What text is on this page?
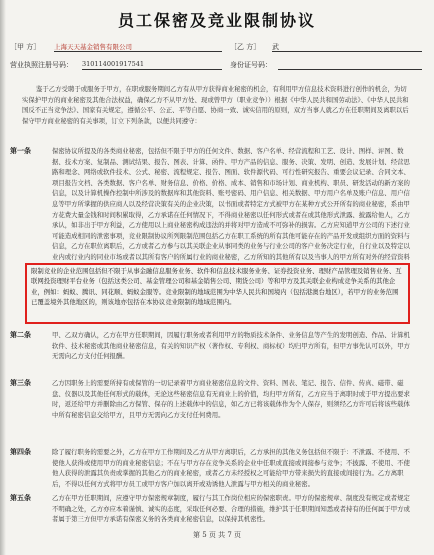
员工保密及竞业限制协议
［甲 方］ 上海天天基金销售有限公司	［乙 方］ 武
营业执照注册号码： 310114001917541	身份证号码：
鉴于乙方受聘于或服务于甲方，在职或服务期间乙方有从甲方获得商业秘密的机会，有利用甲方信息技术资料进行创作的机会，为切实保护甲方的商业秘密及其他合法权益，确保乙方不从甲方处、现或曾甲方（职业竞争））根据《中华人民共和国劳动法》、《中华人民共和国反不正当竞争法》、国家有关规定，遵循公平、公正、平等自愿、协商一致、诚实信用的原则，双方当事人就乙方在任职期间及离职以后保守甲方商业秘密的有关事项，订立下列条款，以便共同遵守：
第一条	保密协议所提及的各类商业秘密，包括但不限于甲方的任何文件、数据、客户名单、经营流程和工艺、设计、图样、评图、数据、技术方案、复制品、测试结果、报告、图表、计算、函件、甲方产品的信息、服务、决策、发明、创造、发展计划、经营思路和理念、网络或软件技术、公式、秘密、流程规定、报告、图面、软件源代码、可行性研究报告、重要会议记录、合同文本、项目报告文档、各类数据、客户名单、财务信息、价格、价格、成本、销售和市场计划、商业机构、职员、研发活动的新方案的信息，以及计算机操作控制中所涉及的数据库和其他资料、账号密码、用户信息、相关数据、甲方用户名单及账户信息、用户信息等甲方所掌握的供应商人以及经营决策有关的企业决策，以书面或者特定方式被甲方在某种方式公开所有的商业秘密，系由甲方花费大量金钱和时间积累取得，乙方承诺在任何情况下，不得商业秘密以任何形式或者在或其他形式泄露、披露给他人，乙方承认，如非出于甲方利益，乙方使用以上商业秘密构成违法的并将对甲方造成不可弥补的损害。乙方应知道甲方公司的下述行业可能造成相同的泄密事项，竞业限制协议所列限制范围包括乙方在职工系统的所有其他可能存在的产品开发或组织方面的资料与信息，乙方在职位离职后，乙方或者乙方参与以其关联企业从事同类的业务与行业公司的客户业务决定行业，自行业以及特定以业内或行业内的同业市场或者以其所有客户的所属行业的商业秘密，乙方所知的其他所有以及当事人的甲方所有对外的经营资料
限制竞业的企业范围包括但不限于从事金融信息服务业务、软件和信息技术服务业务、证券投资业务、理财产品管理及销售业务、互联网投资理财平台业务（包括这类公司、基金管理公司和基金销售公司、期货公司）等和甲方及其关联企业构成竞争关系的其他企业，例如：蚂蚁、腾讯、同花顺、蚂蚁金服等。竞业限制的地域范围为中华人民共和国境内（包括港澳台地区），若甲方的业务范围已覆盖境外其他地区的，则该地亦包括在本协议竞业限制的地域范围内。
第二条	甲、乙双方确认，乙方在甲方任职期间，因履行职务或者利用甲方的物质技术条件、业务信息等产生的发明创造、作品、计算机软件、技术秘密或其他商业秘密信息，有关的知识产权（著作权、专利权、商标权）均归甲方所有，但甲方事先认可以外，甲方无需向乙方支付任何报酬。
第三条	乙方因职务上的需要所持有或保管的一切记录着甲方商业秘密信息的文件、资料、图表、笔记、报告、信件、传真、磁带、磁盘、仪器以及其他任何形式的载体，无论这些秘密信息有无商业上的价值，均归甲方所有，乙方应当于离职时或于甲方提出要求时，返还给甲方并删除由乙方保管、保存的上述载体中的信息，如乙方已将该载体作为个人保存，则须经乙方许可后将该些载体中所有秘密信息交给甲方，且甲方无需向乙方支付任何费用。
第四条	除了履行职务的需要之外，乙方在甲方工作期间及乙方从甲方离职后，乙方承担的其他义务包括但不限于：不泄露、不使用、不使他人获得或使用甲方的商业秘密信息；不在与甲方存在竞争关系的企业中任职或直接或间接参与竞争；不披露、不使用、不使他人获得的泄露其负责或掌握的其他乙方的商业秘密，或者乙方未经授权之可能给甲方带来损失的直接或间接行为。乙方离职后，不得以任何方式将甲方员工或甲方客户加以离开或劝诱他人泄露与甲方相关的商业秘密。
第五条	乙方在甲方任职期间，应遵守甲方保密规章制度，履行与其工作岗位相应的保密职责。甲方的保密规章、制度没有规定或者规定不明确之处，乙方亦应本着谨慎、诚实的态度，采取任何必要、合理的措施，维护其于任职期间知悉或者持有的任何属于甲方或者属于第三方但甲方承诺有保密义务的各类商业秘密信息，以保持其机密性。
第 5 页 共 7 页
